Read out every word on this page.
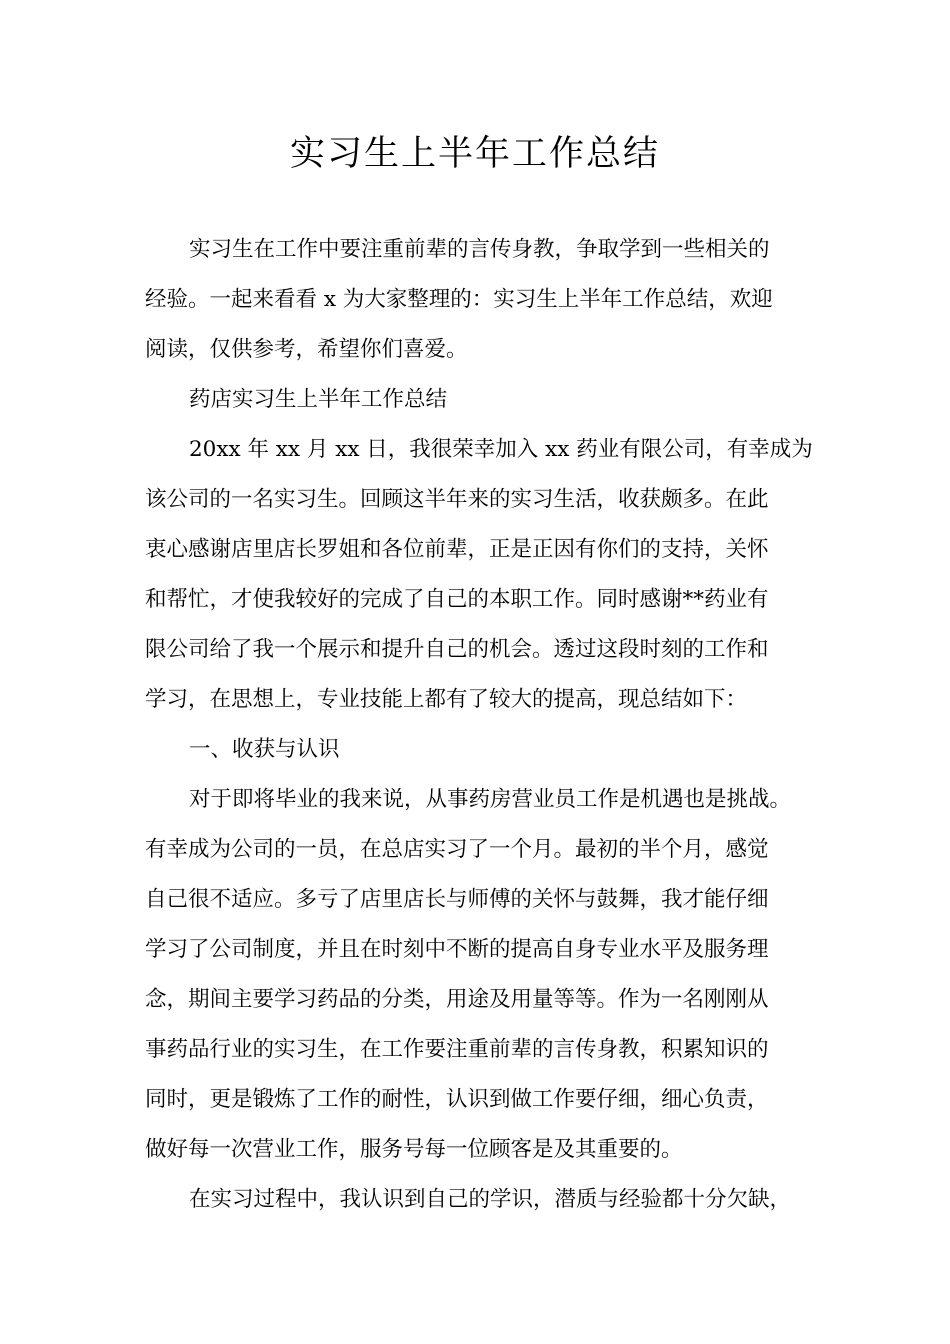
实习生上半年工作总结
实习生在工作中要注重前辈的言传身教，争取学到一些相关的
经验。一起来看看 x 为大家整理的：实习生上半年工作总结，欢迎
阅读，仅供参考，希望你们喜爱。
药店实习生上半年工作总结
20xx 年 xx 月 xx 日，我很荣幸加入 xx 药业有限公司，有幸成为
该公司的一名实习生。回顾这半年来的实习生活，收获颇多。在此
衷心感谢店里店长罗姐和各位前辈，正是正因有你们的支持，关怀
和帮忙，才使我较好的完成了自己的本职工作。同时感谢**药业有
限公司给了我一个展示和提升自己的机会。透过这段时刻的工作和
学习，在思想上，专业技能上都有了较大的提高，现总结如下：
一、收获与认识
对于即将毕业的我来说，从事药房营业员工作是机遇也是挑战。
有幸成为公司的一员，在总店实习了一个月。最初的半个月，感觉
自己很不适应。多亏了店里店长与师傅的关怀与鼓舞，我才能仔细
学习了公司制度，并且在时刻中不断的提高自身专业水平及服务理
念，期间主要学习药品的分类，用途及用量等等。作为一名刚刚从
事药品行业的实习生，在工作要注重前辈的言传身教，积累知识的
同时，更是锻炼了工作的耐性，认识到做工作要仔细，细心负责，
做好每一次营业工作，服务号每一位顾客是及其重要的。
在实习过程中，我认识到自己的学识，潜质与经验都十分欠缺，
